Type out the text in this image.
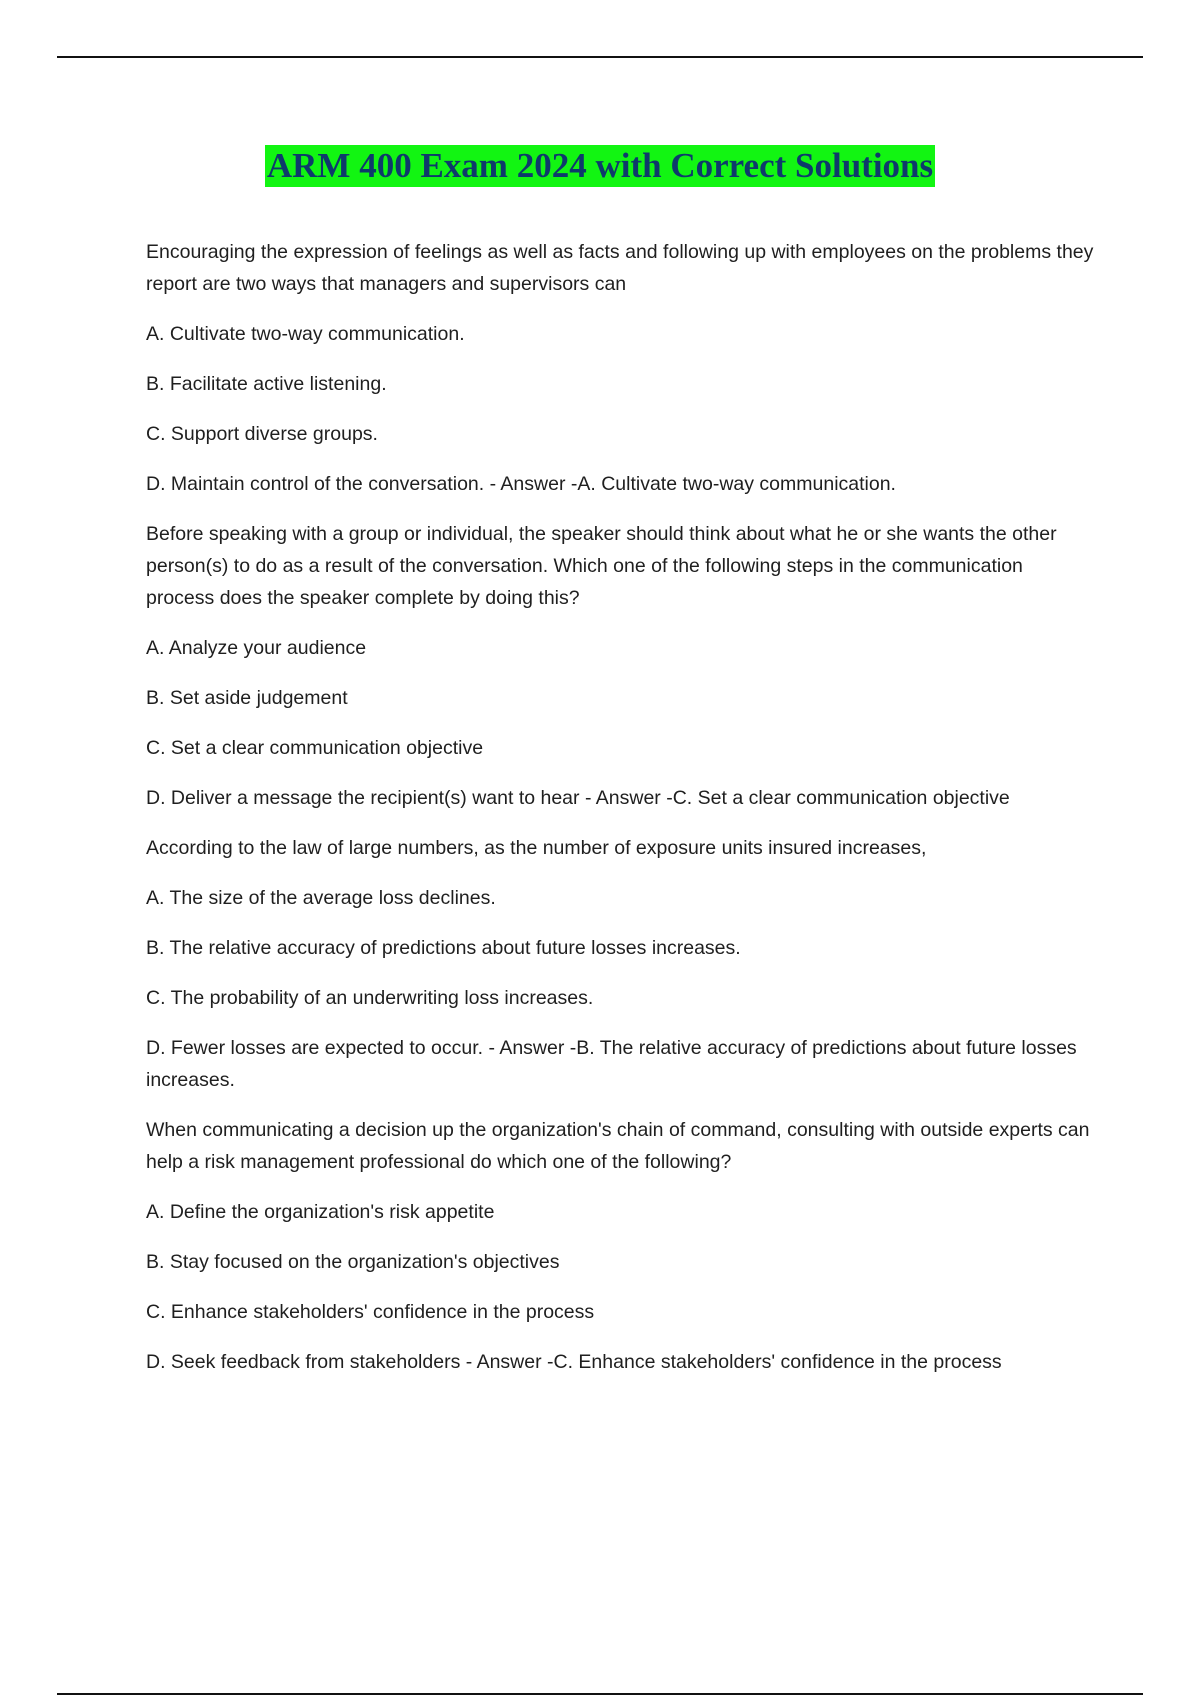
ARM 400 Exam 2024 with Correct Solutions

Encouraging the expression of feelings as well as facts and following up with employees on the problems they report are two ways that managers and supervisors can

A. Cultivate two-way communication.

B. Facilitate active listening.

C. Support diverse groups.

D. Maintain control of the conversation. - Answer -A. Cultivate two-way communication.

Before speaking with a group or individual, the speaker should think about what he or she wants the other person(s) to do as a result of the conversation. Which one of the following steps in the communication process does the speaker complete by doing this?

A. Analyze your audience

B. Set aside judgement

C. Set a clear communication objective

D. Deliver a message the recipient(s) want to hear - Answer -C. Set a clear communication objective

According to the law of large numbers, as the number of exposure units insured increases,

A. The size of the average loss declines.

B. The relative accuracy of predictions about future losses increases.

C. The probability of an underwriting loss increases.

D. Fewer losses are expected to occur. - Answer -B. The relative accuracy of predictions about future losses increases.

When communicating a decision up the organization's chain of command, consulting with outside experts can help a risk management professional do which one of the following?

A. Define the organization's risk appetite

B. Stay focused on the organization's objectives

C. Enhance stakeholders' confidence in the process

D. Seek feedback from stakeholders - Answer -C. Enhance stakeholders' confidence in the process
